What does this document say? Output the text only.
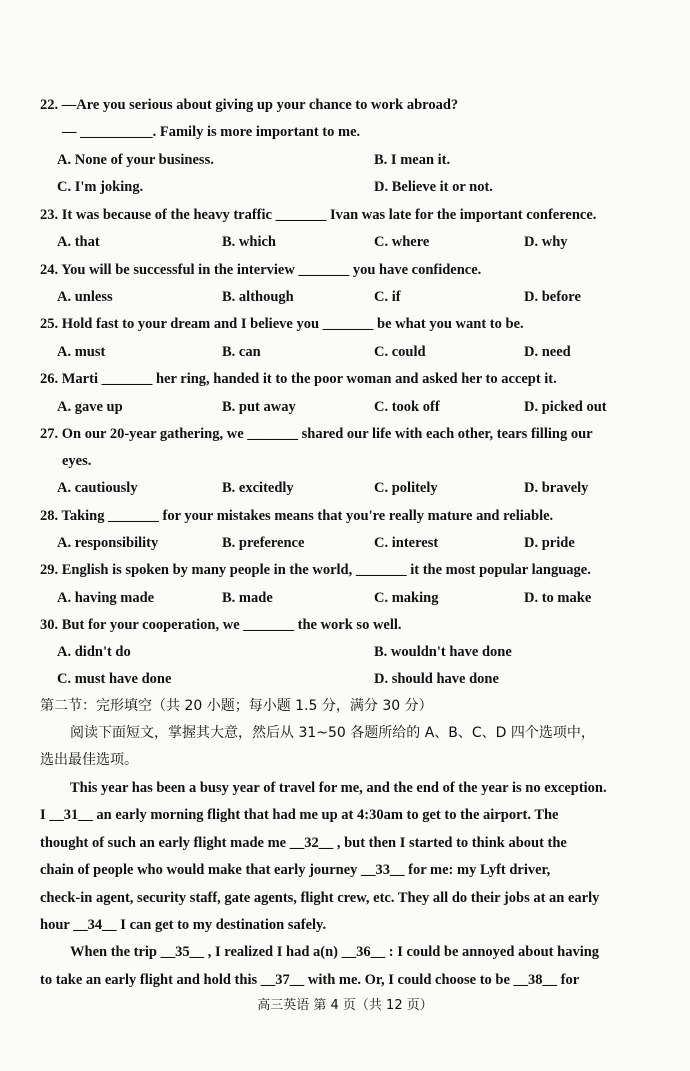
22. —Are you serious about giving up your chance to work abroad?
— __________. Family is more important to me.
A. None of your business.	B. I mean it.
C. I'm joking.	D. Believe it or not.
23. It was because of the heavy traffic _______ Ivan was late for the important conference.
A. that	B. which	C. where	D. why
24. You will be successful in the interview _______ you have confidence.
A. unless	B. although	C. if	D. before
25. Hold fast to your dream and I believe you _______ be what you want to be.
A. must	B. can	C. could	D. need
26. Marti _______ her ring, handed it to the poor woman and asked her to accept it.
A. gave up	B. put away	C. took off	D. picked out
27. On our 20-year gathering, we _______ shared our life with each other, tears filling our
eyes.
A. cautiously	B. excitedly	C. politely	D. bravely
28. Taking _______ for your mistakes means that you're really mature and reliable.
A. responsibility	B. preference	C. interest	D. pride
29. English is spoken by many people in the world, _______ it the most popular language.
A. having made	B. made	C. making	D. to make
30. But for your cooperation, we _______ the work so well.
A. didn't do	B. wouldn't have done
C. must have done	D. should have done
第二节：完形填空（共 20 小题；每小题 1.5 分，满分 30 分）
阅读下面短文，掌握其大意，然后从 31~50 各题所给的 A、B、C、D 四个选项中，
选出最佳选项。
This year has been a busy year of travel for me, and the end of the year is no exception.
I __31__ an early morning flight that had me up at 4:30am to get to the airport. The
thought of such an early flight made me __32__ , but then I started to think about the
chain of people who would make that early journey __33__ for me: my Lyft driver,
check-in agent, security staff, gate agents, flight crew, etc. They all do their jobs at an early
hour __34__ I can get to my destination safely.
When the trip __35__ , I realized I had a(n) __36__ : I could be annoyed about having
to take an early flight and hold this __37__ with me. Or, I could choose to be __38__ for
高三英语 第 4 页（共 12 页）
